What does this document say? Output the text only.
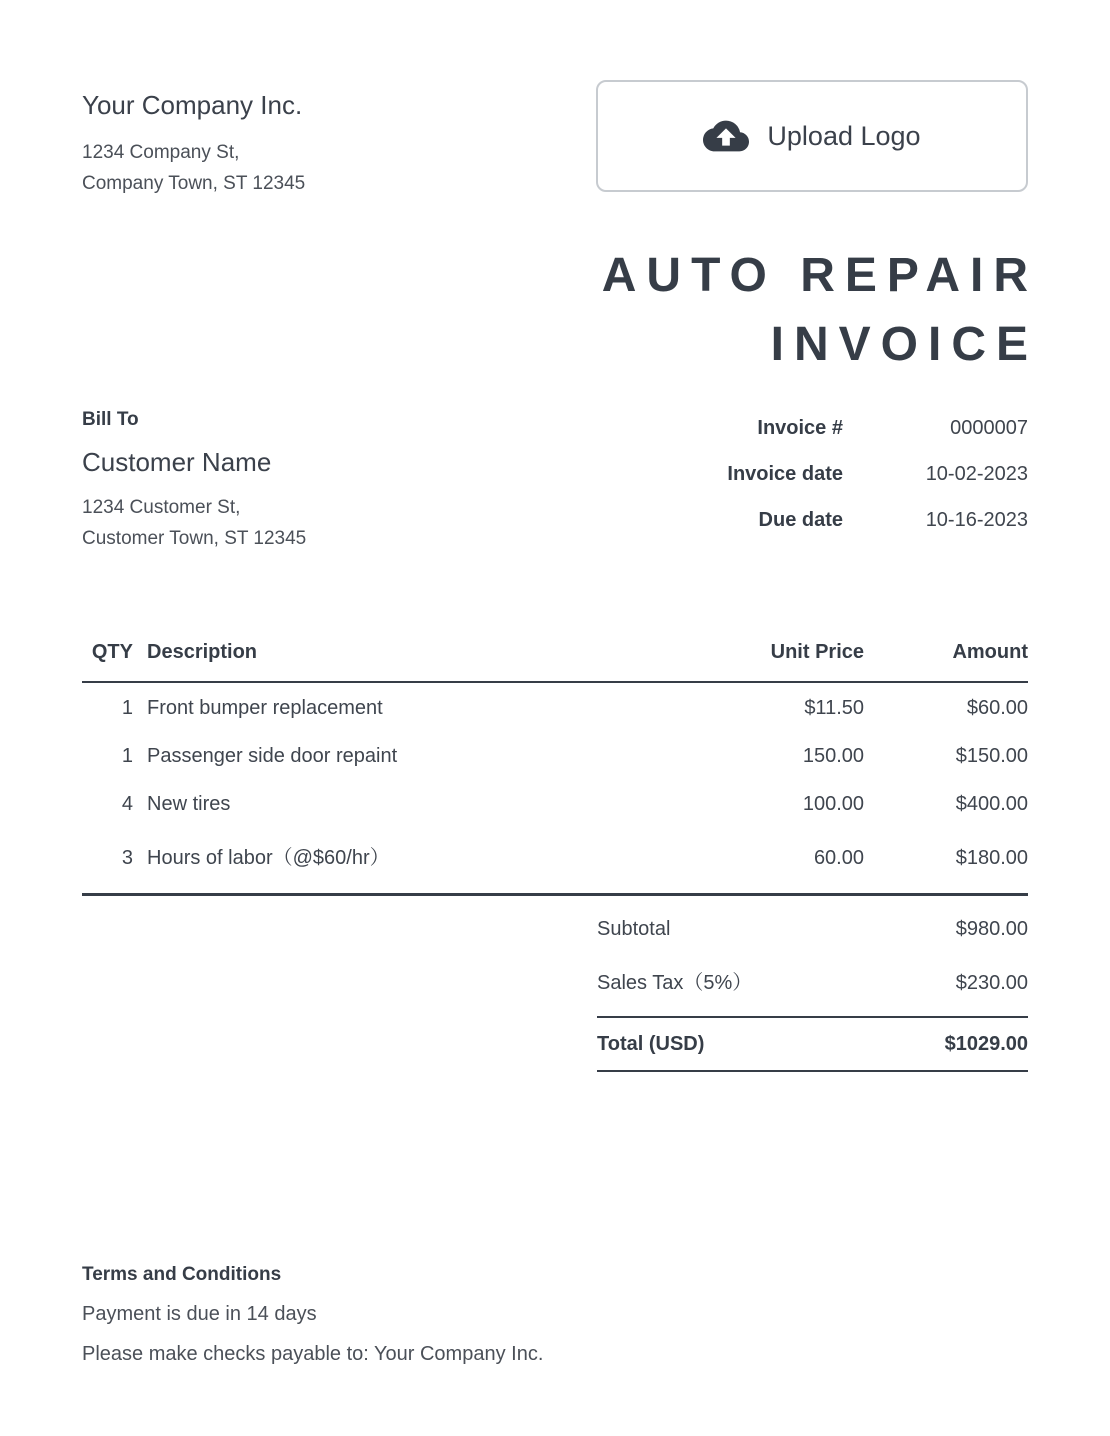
Your Company Inc.
1234 Company St,
Company Town, ST 12345
Upload Logo
AUTO REPAIR
INVOICE
Bill To
Customer Name
1234 Customer St,
Customer Town, ST 12345
Invoice #	0000007
Invoice date	10-02-2023
Due date	10-16-2023
QTY Description	Unit Price	Amount
1 Front bumper replacement	$11.50	$60.00
1 Passenger side door repaint	150.00	$150.00
4 New tires	100.00	$400.00
3 Hours of labor（@$60/hr）	60.00	$180.00
Subtotal	$980.00
Sales Tax（5%）	$230.00
Total (USD)	$1029.00
Terms and Conditions
Payment is due in 14 days
Please make checks payable to: Your Company Inc.
